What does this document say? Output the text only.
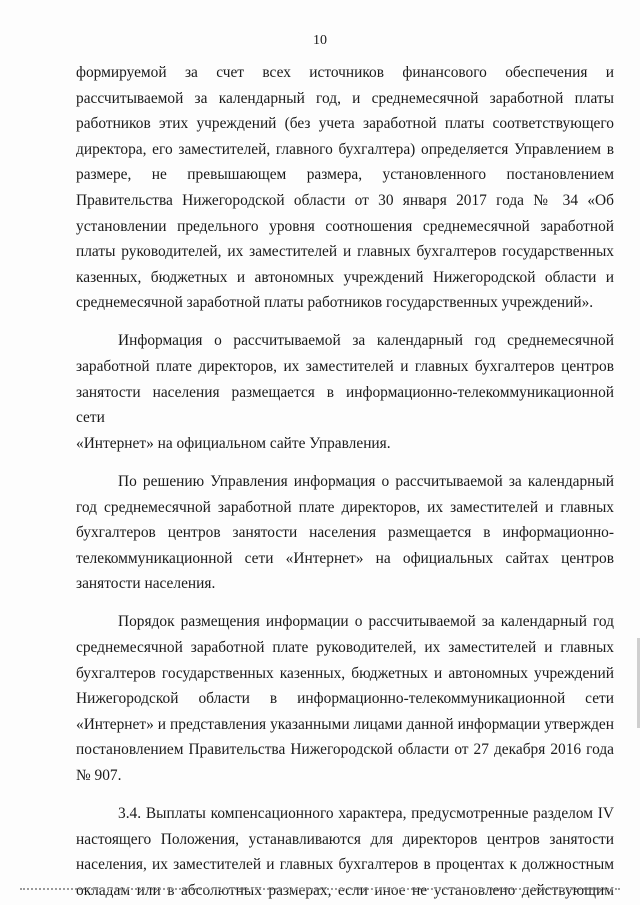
10

формируемой за счет всех источников финансового обеспечения и

рассчитываемой за календарный год, и среднемесячной заработной платы

работников этих учреждений (без учета заработной платы соответствующего

директора, его заместителей, главного бухгалтера) определяется Управлением в

размере, не превышающем размера, установленного постановлением

Правительства Нижегородской области от 30 января 2017 года № 34 «Об

установлении предельного уровня соотношения среднемесячной заработной

платы руководителей, их заместителей и главных бухгалтеров государственных

казенных, бюджетных и автономных учреждений Нижегородской области и

среднемесячной заработной платы работников государственных учреждений».

Информация о рассчитываемой за календарный год среднемесячной

заработной плате директоров, их заместителей и главных бухгалтеров центров

занятости населения размещается в информационно-телекоммуникационной сети

«Интернет» на официальном сайте Управления.

По решению Управления информация о рассчитываемой за календарный

год среднемесячной заработной плате директоров, их заместителей и главных

бухгалтеров центров занятости населения размещается в информационно-

телекоммуникационной сети «Интернет» на официальных сайтах центров

занятости населения.

Порядок размещения информации о рассчитываемой за календарный год

среднемесячной заработной плате руководителей, их заместителей и главных

бухгалтеров государственных казенных, бюджетных и автономных учреждений

Нижегородской области в информационно-телекоммуникационной сети

«Интернет» и представления указанными лицами данной информации утвержден

постановлением Правительства Нижегородской области от 27 декабря 2016 года

№ 907.

3.4. Выплаты компенсационного характера, предусмотренные разделом IV

настоящего Положения, устанавливаются для директоров центров занятости

населения, их заместителей и главных бухгалтеров в процентах к должностным

окладам или в абсолютных размерах, если иное не установлено действующим
